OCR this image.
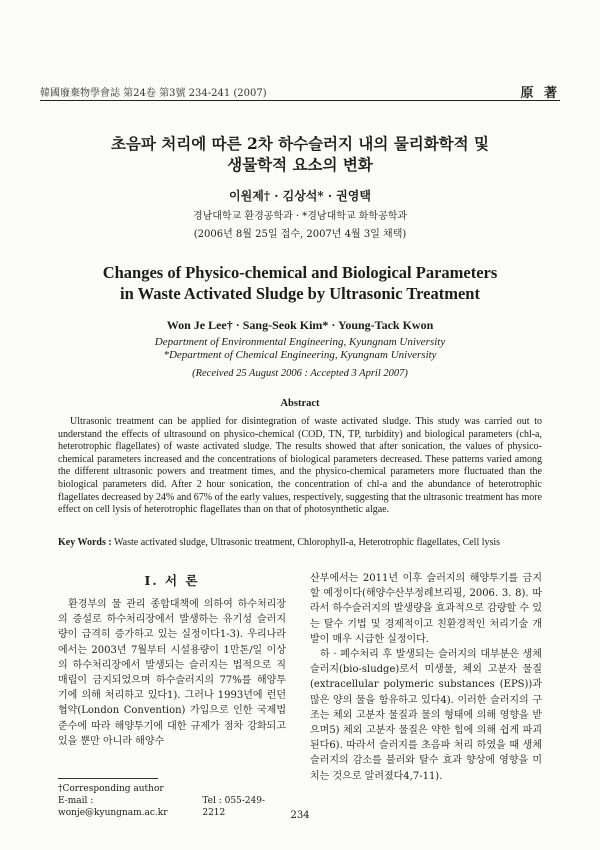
韓國廢棄物學會誌 第24卷 第3號 234-241 (2007)	原 著
초음파 처리에 따른 2차 하수슬러지 내의 물리화학적 및
생물학적 요소의 변화
이원제† · 김상석* · 권영택
경남대학교 환경공학과 · *경남대학교 화학공학과
(2006년 8월 25일 접수, 2007년 4월 3일 채택)
Changes of Physico-chemical and Biological Parameters
in Waste Activated Sludge by Ultrasonic Treatment
Won Je Lee† · Sang-Seok Kim* · Young-Tack Kwon
Department of Environmental Engineering, Kyungnam University
*Department of Chemical Engineering, Kyungnam University
(Received 25 August 2006 : Accepted 3 April 2007)
Abstract

Ultrasonic treatment can be applied for disintegration of waste activated sludge. This study was carried out to understand the effects of ultrasound on physico-chemical (COD, TN, TP, turbidity) and biological parameters (chl-a, heterotrophic flagellates) of waste activated sludge. The results showed that after sonication, the values of physico-chemical parameters increased and the concentrations of biological parameters decreased. These patterns varied among the different ultrasonic powers and treatment times, and the physico-chemical parameters more fluctuated than the biological parameters did. After 2 hour sonication, the concentration of chl-a and the abundance of heterotrophic flagellates decreased by 24% and 67% of the early values, respectively, suggesting that the ultrasonic treatment has more effect on cell lysis of heterotrophic flagellates than on that of photosynthetic algae.

Key Words : Waste activated sludge, Ultrasonic treatment, Chlorophyll-a, Heterotrophic flagellates, Cell lysis
I. 서 론

환경부의 물 관리 종합대책에 의하여 하수처리장의 증설로 하수처리장에서 발생하는 유기성 슬러지량이 급격히 증가하고 있는 실정이다1-3). 우리나라에서는 2003년 7월부터 시설용량이 1만톤/일 이상의 하수처리장에서 발생되는 슬러지는 법적으로 직 매립이 금지되었으며 하수슬러지의 77%를 해양투기에 의해 처리하고 있다1). 그러나 1993년에 런던협약(London Convention) 가입으로 인한 국제법 준수에 따라 해양투기에 대한 규제가 점차 강화되고 있을 뿐만 아니라 해양수

산부에서는 2011년 이후 슬러지의 해양투기를 금지할 예정이다(해양수산부정례브리핑, 2006. 3. 8). 따라서 하수슬러지의 발생량을 효과적으로 감량할 수 있는 탈수 기법 및 경제적이고 친환경적인 처리기술 개발이 매우 시급한 실정이다.

하 · 폐수처리 후 발생되는 슬러지의 대부분은 생체슬러지(bio-sludge)로서 미생물, 체외 고분자 물질 (extracellular polymeric substances (EPS))과 많은 양의 물을 함유하고 있다4). 이러한 슬러지의 구조는 체외 고분자 물질과 물의 형태에 의해 영향을 받으며5) 체외 고분자 물질은 약한 힘에 의해 쉽게 파괴된다6). 따라서 슬러지를 초음파 처리 하였을 때 생체슬러지의 감소를 불러와 탈수 효과 향상에 영향을 미치는 것으로 알려졌다4,7-11).

†Corresponding author
E-mail : wonje@kyungnam.ac.kr
Tel : 055-249-2212	234
